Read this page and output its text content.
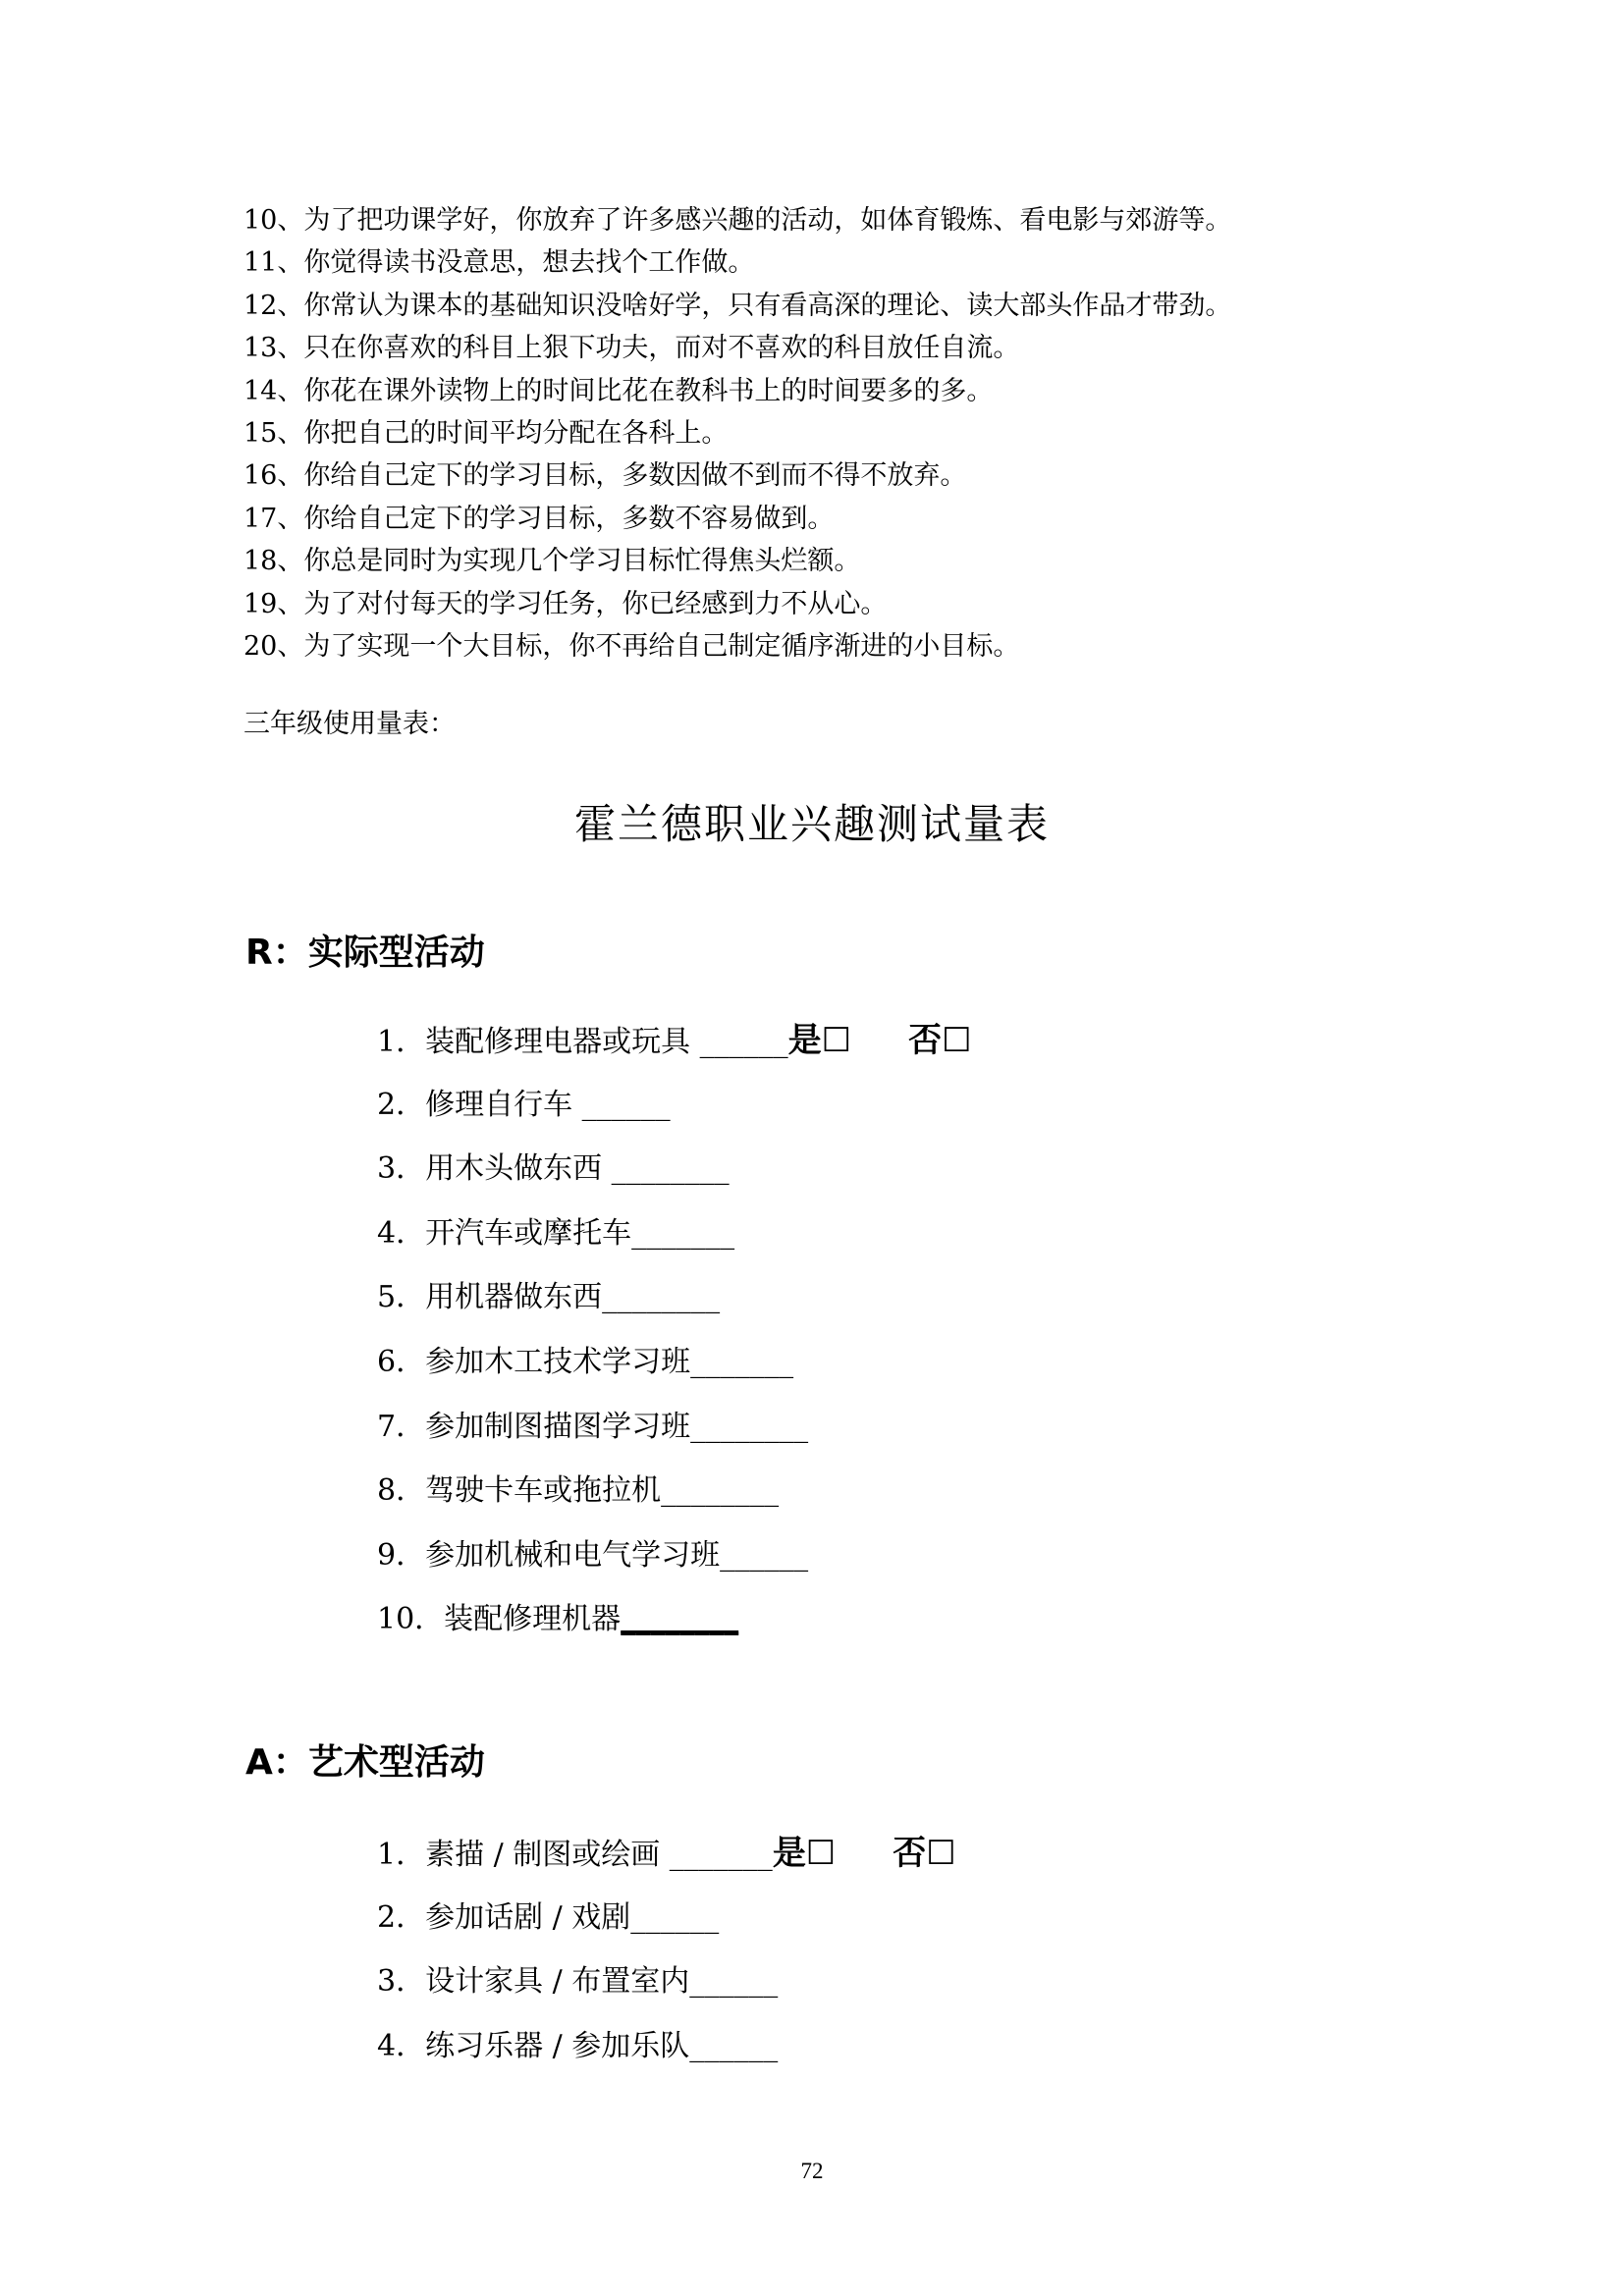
10、为了把功课学好，你放弃了许多感兴趣的活动，如体育锻炼、看电影与郊游等。
11、你觉得读书没意思，想去找个工作做。
12、你常认为课本的基础知识没啥好学，只有看高深的理论、读大部头作品才带劲。
13、只在你喜欢的科目上狠下功夫，而对不喜欢的科目放任自流。
14、你花在课外读物上的时间比花在教科书上的时间要多的多。
15、你把自己的时间平均分配在各科上。
16、你给自己定下的学习目标，多数因做不到而不得不放弃。
17、你给自己定下的学习目标，多数不容易做到。
18、你总是同时为实现几个学习目标忙得焦头烂额。
19、为了对付每天的学习任务，你已经感到力不从心。
20、为了实现一个大目标，你不再给自己制定循序渐进的小目标。
三年级使用量表：
霍兰德职业兴趣测试量表
R：实际型活动
1．装配修理电器或玩具 ______是☐ 否☐
2．修理自行车 ______
3．用木头做东西 ________
4．开汽车或摩托车_______
5．用机器做东西________
6．参加木工技术学习班_______
7．参加制图描图学习班________
8．驾驶卡车或拖拉机________
9．参加机械和电气学习班______
10．装配修理机器________
A：艺术型活动
1．素描 / 制图或绘画 _______是☐ 否☐
2．参加话剧 / 戏剧______
3．设计家具 / 布置室内______
4．练习乐器 / 参加乐队______
72
